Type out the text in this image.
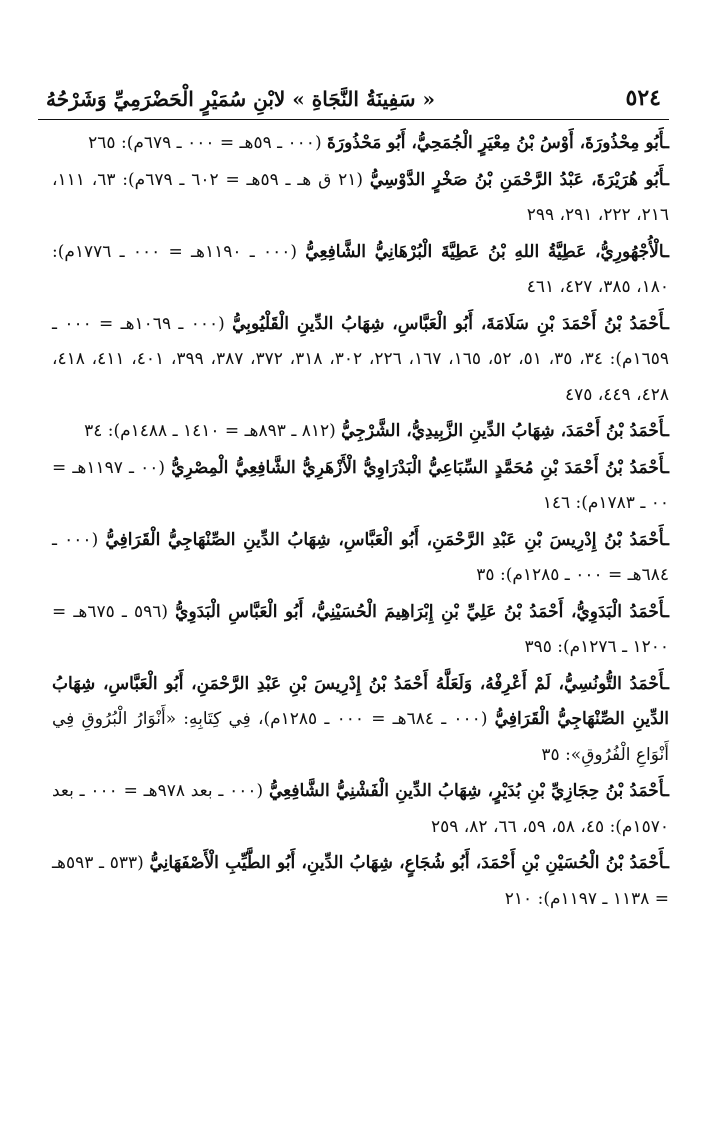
٥٢٤
« سَفِينَةُ النَّجَاةِ » لابْنِ سُمَيْرٍ الْحَضْرَمِيِّ وَشَرْحُهُ
ـأَبُو مِحْذُورَةَ، أَوْسُ بْنُ مِعْيَرٍ الْجُمَحِيُّ، أَبُو مَحْذُورَةَ (٠٠٠ ـ ٥٩هـ = ٠٠٠ ـ ٦٧٩م): ٢٦٥
ـأَبُو هُرَيْرَةَ، عَبْدُ الرَّحْمَنِ بْنُ صَخْرٍ الدَّوْسِيُّ (٢١ ق هـ ـ ٥٩هـ = ٦٠٢ ـ ٦٧٩م): ٦٣، ١١١، ٢١٦، ٢٢٢، ٢٩١، ٢٩٩
ـالْأُجْهُورِيُّ، عَطِيَّةُ اللهِ بْنُ عَطِيَّةَ الْبُرْهَانِيُّ الشَّافِعِيُّ (٠٠٠ ـ ١١٩٠هـ = ٠٠٠ ـ ١٧٧٦م): ١٨٠، ٣٨٥، ٤٢٧، ٤٦١
ـأَحْمَدُ بْنُ أَحْمَدَ بْنِ سَلَامَةَ، أَبُو الْعَبَّاسِ، شِهَابُ الدِّينِ الْقَلْيُوبِيُّ (٠٠٠ ـ ١٠٦٩هـ = ٠٠٠ ـ ١٦٥٩م): ٣٤، ٣٥، ٥١، ٥٢، ١٦٥، ١٦٧، ٢٢٦، ٣٠٢، ٣١٨، ٣٧٢، ٣٨٧، ٣٩٩، ٤٠١، ٤١١، ٤١٨، ٤٢٨، ٤٤٩، ٤٧٥
ـأَحْمَدُ بْنُ أَحْمَدَ، شِهَابُ الدِّينِ الزَّبِيدِيُّ، الشَّرْجِيُّ (٨١٢ ـ ٨٩٣هـ = ١٤١٠ ـ ١٤٨٨م): ٣٤
ـأَحْمَدُ بْنُ أَحْمَدَ بْنِ مُحَمَّدٍ السِّبَاعِيُّ الْبَدْرَاوِيُّ الْأَزْهَرِيُّ الشَّافِعِيُّ الْمِصْرِيُّ (٠٠ ـ ١١٩٧هـ = ٠٠ ـ ١٧٨٣م): ١٤٦
ـأَحْمَدُ بْنُ إِدْرِيسَ بْنِ عَبْدِ الرَّحْمَنِ، أَبُو الْعَبَّاسِ، شِهَابُ الدِّينِ الصِّنْهَاجِيُّ الْقَرَافِيُّ (٠٠٠ ـ ٦٨٤هـ = ٠٠٠ ـ ١٢٨٥م): ٣٥
ـأَحْمَدُ الْبَدَوِيُّ، أَحْمَدُ بْنُ عَلِيِّ بْنِ إِبْرَاهِيمَ الْحُسَيْنِيُّ، أَبُو الْعَبَّاسِ الْبَدَوِيُّ (٥٩٦ ـ ٦٧٥هـ = ١٢٠٠ ـ ١٢٧٦م): ٣٩٥
ـأَحْمَدُ التُّونُسِيُّ، لَمْ أَعْرِفْهُ، وَلَعَلَّهُ أَحْمَدُ بْنُ إِدْرِيسَ بْنِ عَبْدِ الرَّحْمَنِ، أَبُو الْعَبَّاسِ، شِهَابُ الدِّينِ الصِّنْهَاجِيُّ الْقَرَافِيُّ (٠٠٠ ـ ٦٨٤هـ = ٠٠٠ ـ ١٢٨٥م)، فِي كِتَابِهِ: «أَنْوَارُ الْبُرُوقِ فِي أَنْوَاعِ الْفُرُوقِ»: ٣٥
ـأَحْمَدُ بْنُ حِجَازِيِّ بْنِ بُدَيْرٍ، شِهَابُ الدِّينِ الْفَشْنِيُّ الشَّافِعِيُّ (٠٠٠ ـ بعد ٩٧٨هـ = ٠٠٠ ـ بعد ١٥٧٠م): ٤٥، ٥٨، ٥٩، ٦٦، ٨٢، ٢٥٩
ـأَحْمَدُ بْنُ الْحُسَيْنِ بْنِ أَحْمَدَ، أَبُو شُجَاعٍ، شِهَابُ الدِّينِ، أَبُو الطَّيِّبِ الْأَصْفَهَانِيُّ (٥٣٣ ـ ٥٩٣هـ = ١١٣٨ ـ ١١٩٧م): ٢١٠
